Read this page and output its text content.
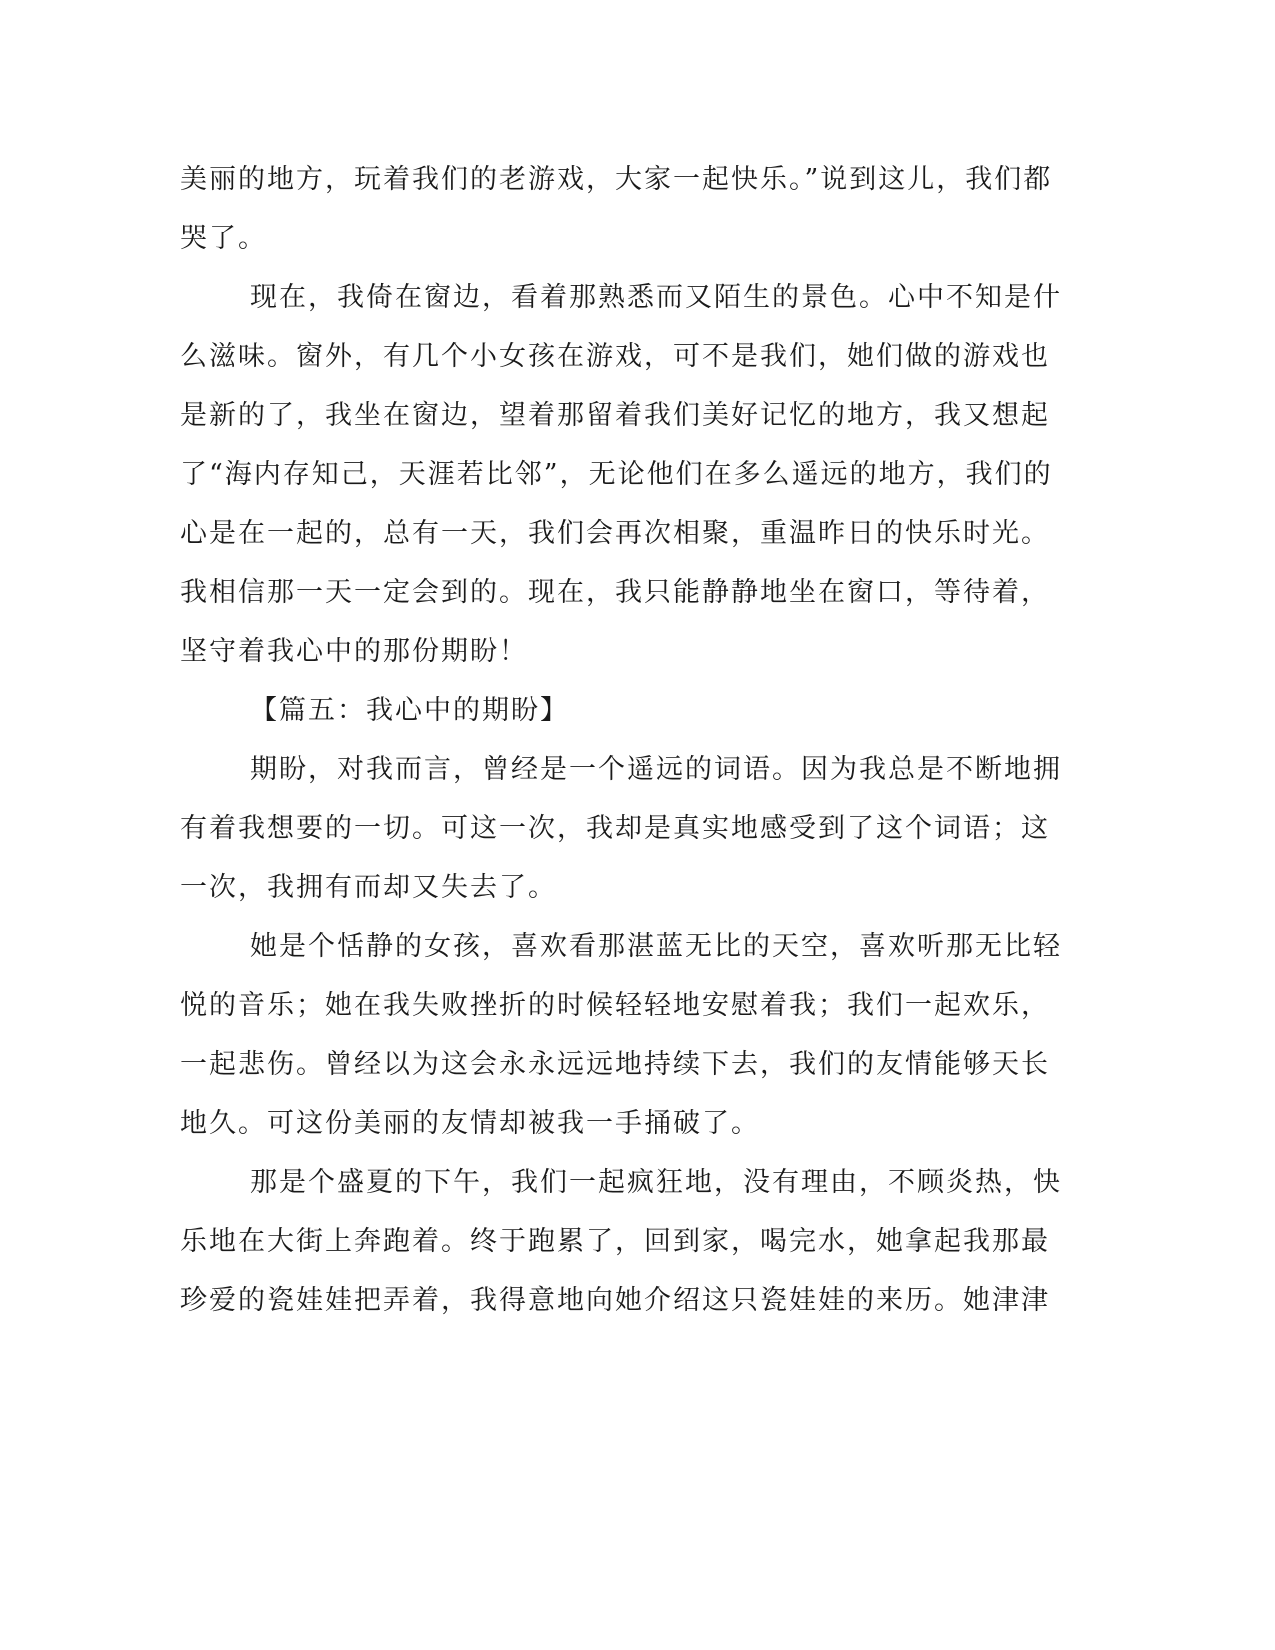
美丽的地方，玩着我们的老游戏，大家一起快乐。”说到这儿，我们都
哭了。
现在，我倚在窗边，看着那熟悉而又陌生的景色。心中不知是什
么滋味。窗外，有几个小女孩在游戏，可不是我们，她们做的游戏也
是新的了，我坐在窗边，望着那留着我们美好记忆的地方，我又想起
了“海内存知己，天涯若比邻”，无论他们在多么遥远的地方，我们的
心是在一起的，总有一天，我们会再次相聚，重温昨日的快乐时光。
我相信那一天一定会到的。现在，我只能静静地坐在窗口，等待着，
坚守着我心中的那份期盼！
【篇五：我心中的期盼】
期盼，对我而言，曾经是一个遥远的词语。因为我总是不断地拥
有着我想要的一切。可这一次，我却是真实地感受到了这个词语；这
一次，我拥有而却又失去了。
她是个恬静的女孩，喜欢看那湛蓝无比的天空，喜欢听那无比轻
悦的音乐；她在我失败挫折的时候轻轻地安慰着我；我们一起欢乐，
一起悲伤。曾经以为这会永永远远地持续下去，我们的友情能够天长
地久。可这份美丽的友情却被我一手捅破了。
那是个盛夏的下午，我们一起疯狂地，没有理由，不顾炎热，快
乐地在大街上奔跑着。终于跑累了，回到家，喝完水，她拿起我那最
珍爱的瓷娃娃把弄着，我得意地向她介绍这只瓷娃娃的来历。她津津
